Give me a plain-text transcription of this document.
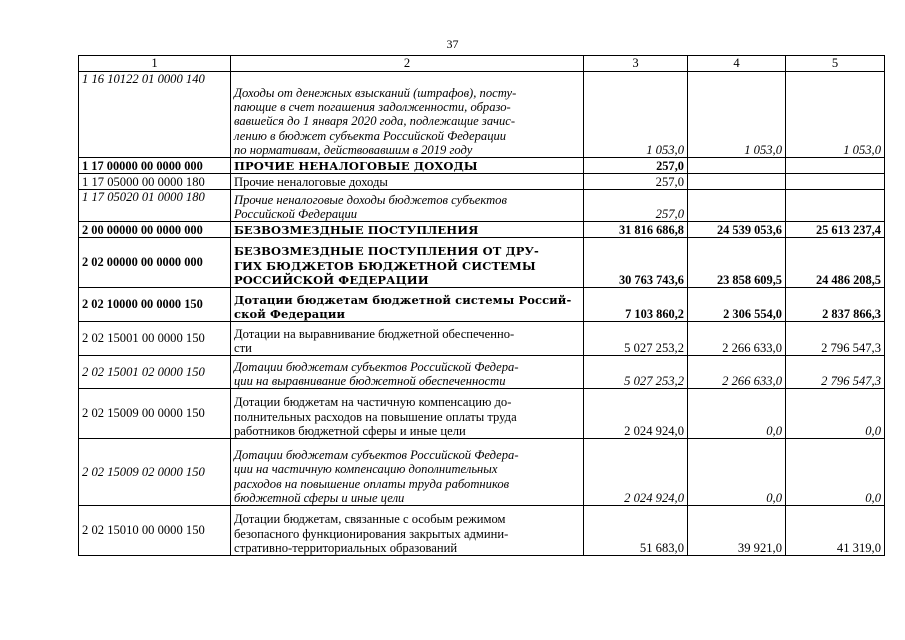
37
1	2	3	4	5
1 16 10122 01 0000 140	Доходы от денежных взысканий (штрафов), посту-
пающие в счет погашения задолженности, образо-
вавшейся до 1 января 2020 года, подлежащие зачис-
лению в бюджет субъекта Российской Федерации
по нормативам, действовавшим в 2019 году	1 053,0	1 053,0	1 053,0
1 17 00000 00 0000 000	ПРОЧИЕ НЕНАЛОГОВЫЕ ДОХОДЫ	257,0		
1 17 05000 00 0000 180	Прочие неналоговые доходы	257,0		
1 17 05020 01 0000 180	Прочие неналоговые доходы бюджетов субъектов
Российской Федерации	257,0		
2 00 00000 00 0000 000	БЕЗВОЗМЕЗДНЫЕ ПОСТУПЛЕНИЯ	31 816 686,8	24 539 053,6	25 613 237,4
2 02 00000 00 0000 000	БЕЗВОЗМЕЗДНЫЕ ПОСТУПЛЕНИЯ ОТ ДРУ-
ГИХ БЮДЖЕТОВ БЮДЖЕТНОЙ СИСТЕМЫ
РОССИЙСКОЙ ФЕДЕРАЦИИ	30 763 743,6	23 858 609,5	24 486 208,5
2 02 10000 00 0000 150	Дотации бюджетам бюджетной системы Россий-
ской Федерации	7 103 860,2	2 306 554,0	2 837 866,3
2 02 15001 00 0000 150	Дотации на выравнивание бюджетной обеспеченно-
сти	5 027 253,2	2 266 633,0	2 796 547,3
2 02 15001 02 0000 150	Дотации бюджетам субъектов Российской Федера-
ции на выравнивание бюджетной обеспеченности	5 027 253,2	2 266 633,0	2 796 547,3
2 02 15009 00 0000 150	Дотации бюджетам на частичную компенсацию до-
полнительных расходов на повышение оплаты труда
работников бюджетной сферы и иные цели	2 024 924,0	0,0	0,0
2 02 15009 02 0000 150	Дотации бюджетам субъектов Российской Федера-
ции на частичную компенсацию дополнительных
расходов на повышение оплаты труда работников
бюджетной сферы и иные цели	2 024 924,0	0,0	0,0
2 02 15010 00 0000 150	Дотации бюджетам, связанные с особым режимом
безопасного функционирования закрытых админи-
стративно-территориальных образований	51 683,0	39 921,0	41 319,0
